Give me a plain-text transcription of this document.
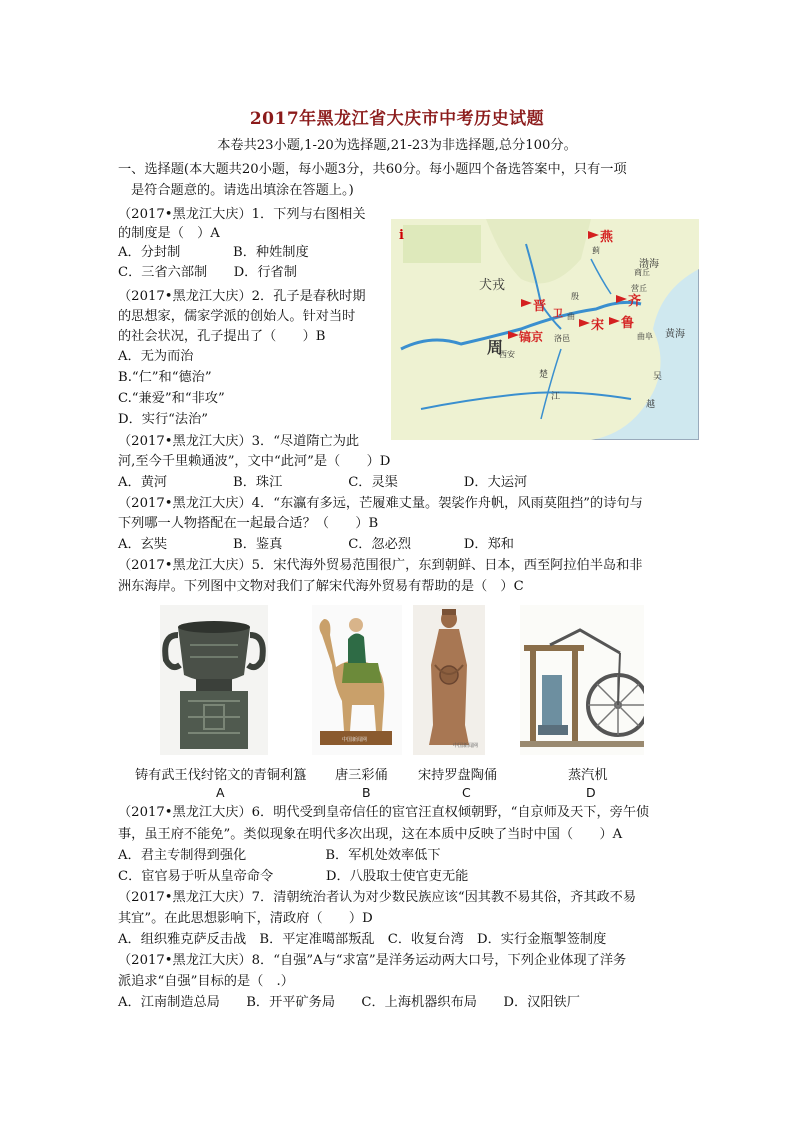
2017年黑龙江省大庆市中考历史试题
本卷共23小题,1-20为选择题,21-23为非选择题,总分100分。
一、选择题(本大题共20小题，每小题3分，共60分。每小题四个备选答案中，只有一项
是符合题意的。请选出填涂在答题上。)
（2017•黑龙江大庆）1．下列与右图相关
的制度是（　）A
A．分封制　　　　B．种姓制度
C．三省六部制　　D．行省制
i	燕
蓟
渤海
犬戎
晋
卫
殷
曲
齐
营丘
商丘
宋 鲁
曲阜
镐京
西安
洛邑
周
黄海
吴
越
楚
江
（2017•黑龙江大庆）2．孔子是春秋时期
的思想家，儒家学派的创始人。针对当时
的社会状况，孔子提出了（　　）B
A．无为而治
B.“仁”和“德治”
C.“兼爱”和“非攻”
D．实行“法治”
（2017•黑龙江大庆）3．“尽道隋亡为此
河,至今千里赖通波”，文中“此河”是（　　）D
A．黄河　　　　　B．珠江　　　　　C．灵渠　　　　　D．大运河
（2017•黑龙江大庆）4．“东瀛有多远，芒履难丈量。袈裟作舟帆，风雨莫阻挡”的诗句与
下列哪一人物搭配在一起最合适？（　　）B
A．玄奘　　　　　B．鉴真　　　　　C．忽必烈　　　　D．郑和
（2017•黑龙江大庆）5．宋代海外贸易范围很广，东到朝鲜、日本，西至阿拉伯半岛和非
洲东海岸。下列图中文物对我们了解宋代海外贸易有帮助的是（　）C
中国新闻网
中国新闻网
铸有武王伐纣铭文的青铜利簋 唐三彩俑 宋持罗盘陶俑	蒸汽机
A	B	C	D
（2017•黑龙江大庆）6．明代受到皇帝信任的宦官汪直权倾朝野，“自京师及天下，旁午侦
事，虽王府不能免”。类似现象在明代多次出现，这在本质中反映了当时中国（　　）A
A．君主专制得到强化　　　　　　B．军机处效率低下
C．宦官易于听从皇帝命令　　　　D．八股取士使官吏无能
（2017•黑龙江大庆）7．清朝统治者认为对少数民族应该“因其教不易其俗，齐其政不易
其宜”。在此思想影响下，清政府（　　）D
A．组织雅克萨反击战　B．平定准噶部叛乱　C．收复台湾　D．实行金瓶掣签制度
（2017•黑龙江大庆）8．“自强”A与“求富”是洋务运动两大口号，下列企业体现了洋务
派追求“自强”目标的是（　.）
A．江南制造总局　　B．开平矿务局　　C．上海机器织布局　　D．汉阳铁厂
